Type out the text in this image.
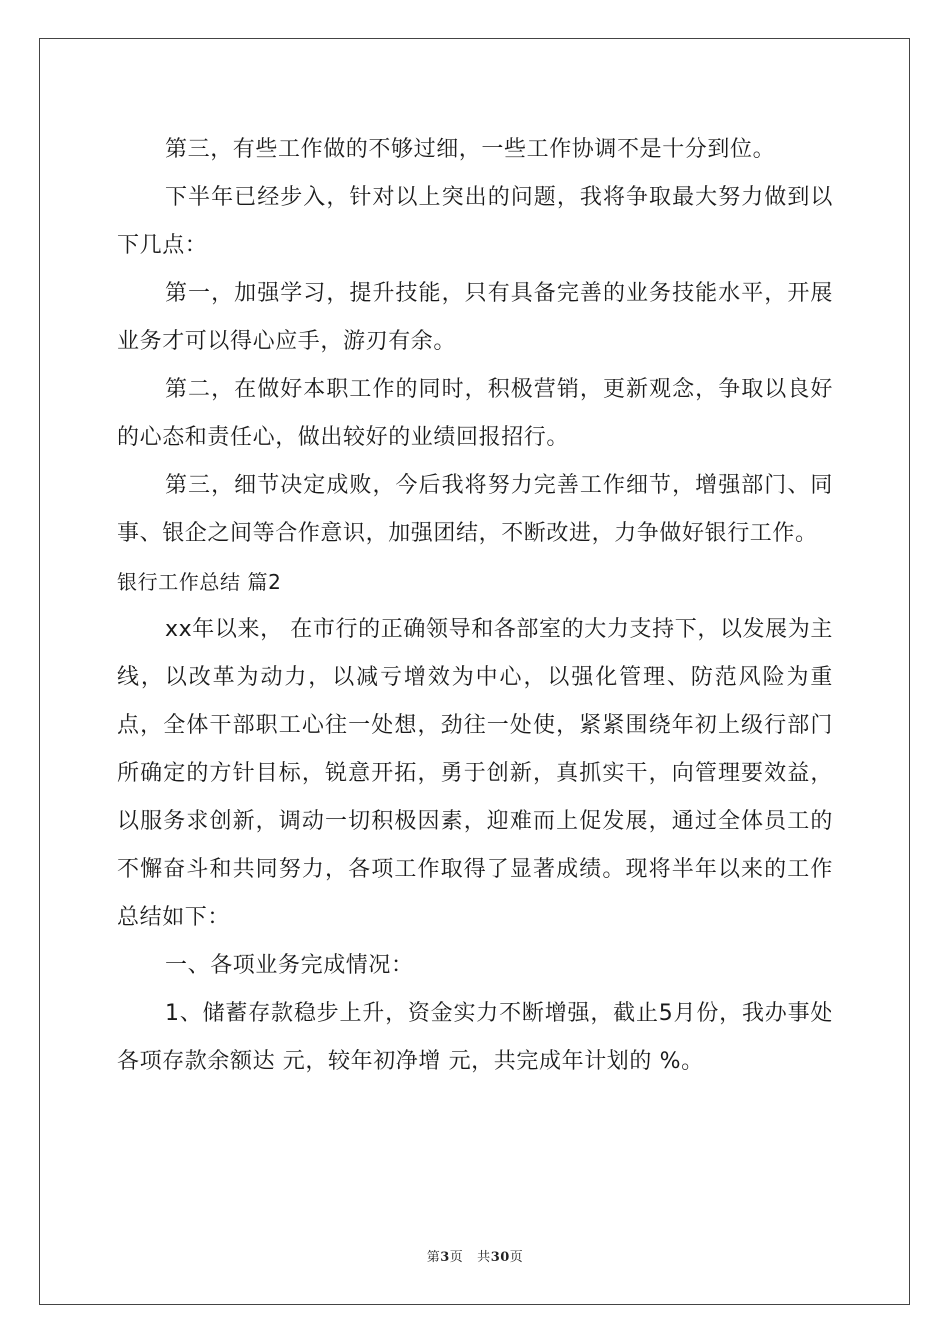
第三，有些工作做的不够过细，一些工作协调不是十分到位。

下半年已经步入，针对以上突出的问题，我将争取最大努力做到以下几点：

第一，加强学习，提升技能，只有具备完善的业务技能水平，开展业务才可以得心应手，游刃有余。

第二，在做好本职工作的同时，积极营销，更新观念，争取以良好的心态和责任心，做出较好的业绩回报招行。

第三，细节决定成败，今后我将努力完善工作细节，增强部门、同事、银企之间等合作意识，加强团结，不断改进，力争做好银行工作。

银行工作总结 篇2

xx年以来， 在市行的正确领导和各部室的大力支持下，以发展为主线，以改革为动力，以减亏增效为中心，以强化管理、防范风险为重点，全体干部职工心往一处想，劲往一处使，紧紧围绕年初上级行部门所确定的方针目标，锐意开拓，勇于创新，真抓实干，向管理要效益，以服务求创新，调动一切积极因素，迎难而上促发展，通过全体员工的不懈奋斗和共同努力，各项工作取得了显著成绩。现将半年以来的工作总结如下：

一、各项业务完成情况：

1、储蓄存款稳步上升，资金实力不断增强，截止5月份，我办事处各项存款余额达 元，较年初净增 元，共完成年计划的 %。

第3页 共30页
